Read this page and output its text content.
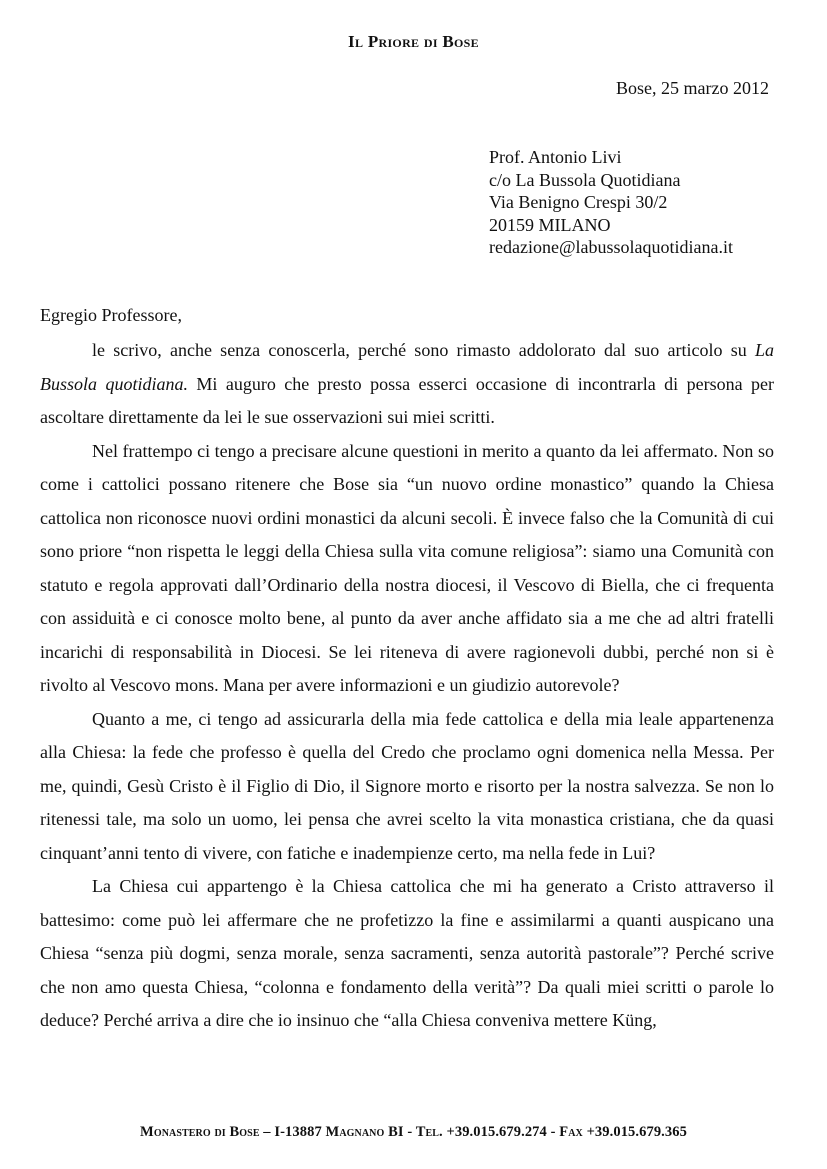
Il Priore di Bose
Bose, 25 marzo 2012
Prof. Antonio Livi
c/o La Bussola Quotidiana
Via Benigno Crespi 30/2
20159 MILANO
redazione@labussolaquotidiana.it
Egregio Professore,

le scrivo, anche senza conoscerla, perché sono rimasto addolorato dal suo articolo su La Bussola quotidiana. Mi auguro che presto possa esserci occasione di incontrarla di persona per ascoltare direttamente da lei le sue osservazioni sui miei scritti.

Nel frattempo ci tengo a precisare alcune questioni in merito a quanto da lei affermato. Non so come i cattolici possano ritenere che Bose sia “un nuovo ordine monastico” quando la Chiesa cattolica non riconosce nuovi ordini monastici da alcuni secoli. È invece falso che la Comunità di cui sono priore “non rispetta le leggi della Chiesa sulla vita comune religiosa”: siamo una Comunità con statuto e regola approvati dall’Ordinario della nostra diocesi, il Vescovo di Biella, che ci frequenta con assiduità e ci conosce molto bene, al punto da aver anche affidato sia a me che ad altri fratelli incarichi di responsabilità in Diocesi. Se lei riteneva di avere ragionevoli dubbi, perché non si è rivolto al Vescovo mons. Mana per avere informazioni e un giudizio autorevole?

Quanto a me, ci tengo ad assicurarla della mia fede cattolica e della mia leale appartenenza alla Chiesa: la fede che professo è quella del Credo che proclamo ogni domenica nella Messa. Per me, quindi, Gesù Cristo è il Figlio di Dio, il Signore morto e risorto per la nostra salvezza. Se non lo ritenessi tale, ma solo un uomo, lei pensa che avrei scelto la vita monastica cristiana, che da quasi cinquant’anni tento di vivere, con fatiche e inadempienze certo, ma nella fede in Lui?

La Chiesa cui appartengo è la Chiesa cattolica che mi ha generato a Cristo attraverso il battesimo: come può lei affermare che ne profetizzo la fine e assimilarmi a quanti auspicano una Chiesa “senza più dogmi, senza morale, senza sacramenti, senza autorità pastorale”? Perché scrive che non amo questa Chiesa, “colonna e fondamento della verità”? Da quali miei scritti o parole lo deduce? Perché arriva a dire che io insinuo che “alla Chiesa conveniva mettere Küng,

Monastero di Bose – I-13887 Magnano BI - Tel. +39.015.679.274 - Fax +39.015.679.365
